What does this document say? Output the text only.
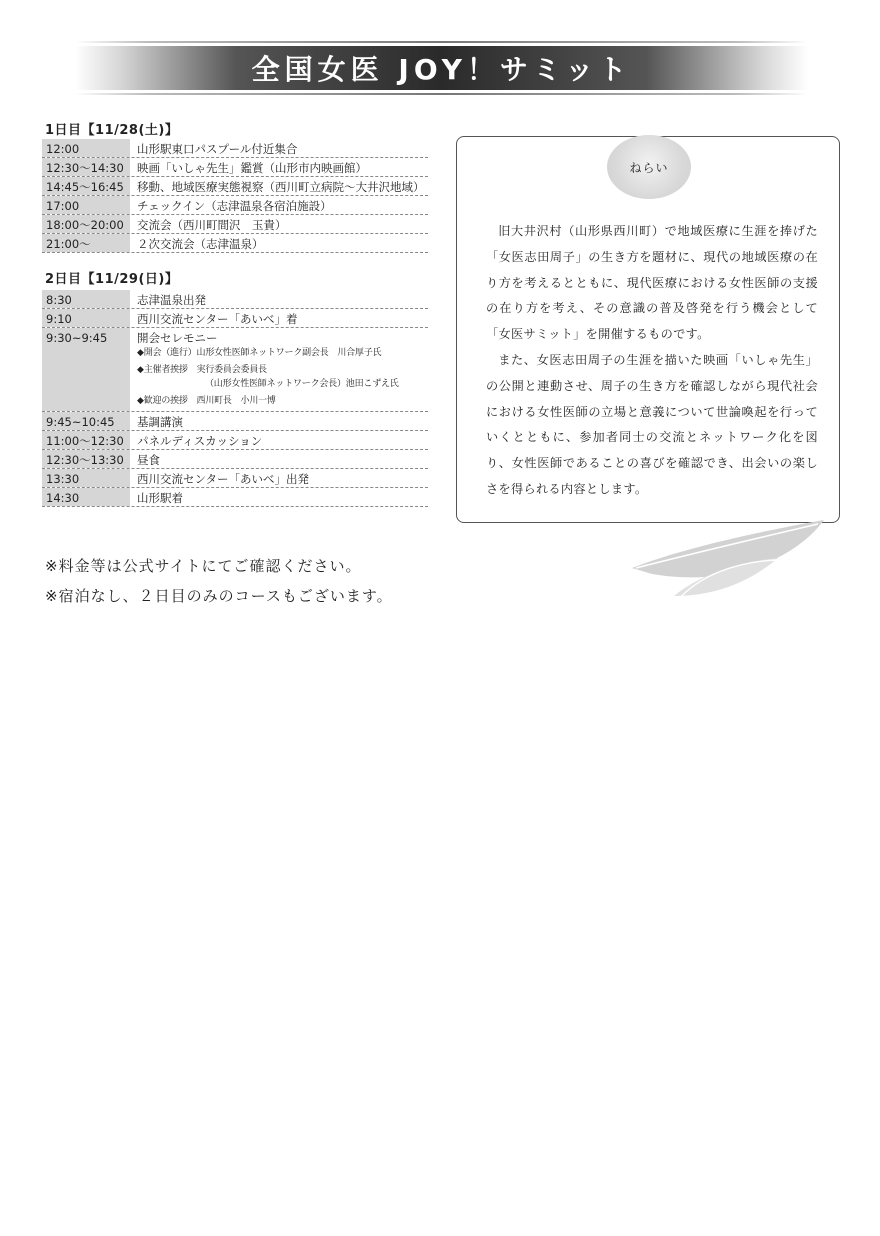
全国女医 JOY！サミット
1日目【11/28(土)】
12:00	山形駅東口パスプール付近集合
12:30～14:30	映画「いしゃ先生」鑑賞（山形市内映画館）
14:45～16:45	移動、地域医療実態視察（西川町立病院～大井沢地域）
17:00	チェックイン（志津温泉各宿泊施設）
18:00～20:00	交流会（西川町間沢　玉貴）
21:00～	２次交流会（志津温泉）
2日目【11/29(日)】
8:30	志津温泉出発
9:10	西川交流センター「あいべ」着
9:30~9:45	開会セレモニー
◆開会（進行）山形女性医師ネットワーク副会長　川合厚子氏
◆主催者挨拶　実行委員会委員長
（山形女性医師ネットワーク会長）池田こずえ氏
◆歓迎の挨拶　西川町長　小川一博
9:45~10:45	基調講演
11:00～12:30	パネルディスカッション
12:30～13:30	昼食
13:30	西川交流センター「あいべ」出発
14:30	山形駅着
※料金等は公式サイトにてご確認ください。
※宿泊なし、２日目のみのコースもございます。
ねらい

旧大井沢村（山形県西川町）で地域医療に生涯を捧げた「女医志田周子」の生き方を題材に、現代の地域医療の在り方を考えるとともに、現代医療における女性医師の支援の在り方を考え、その意識の普及啓発を行う機会として「女医サミット」を開催するものです。

また、女医志田周子の生涯を描いた映画「いしゃ先生」の公開と連動させ、周子の生き方を確認しながら現代社会における女性医師の立場と意義について世論喚起を行っていくとともに、参加者同士の交流とネットワーク化を図り、女性医師であることの喜びを確認でき、出会いの楽しさを得られる内容とします。
